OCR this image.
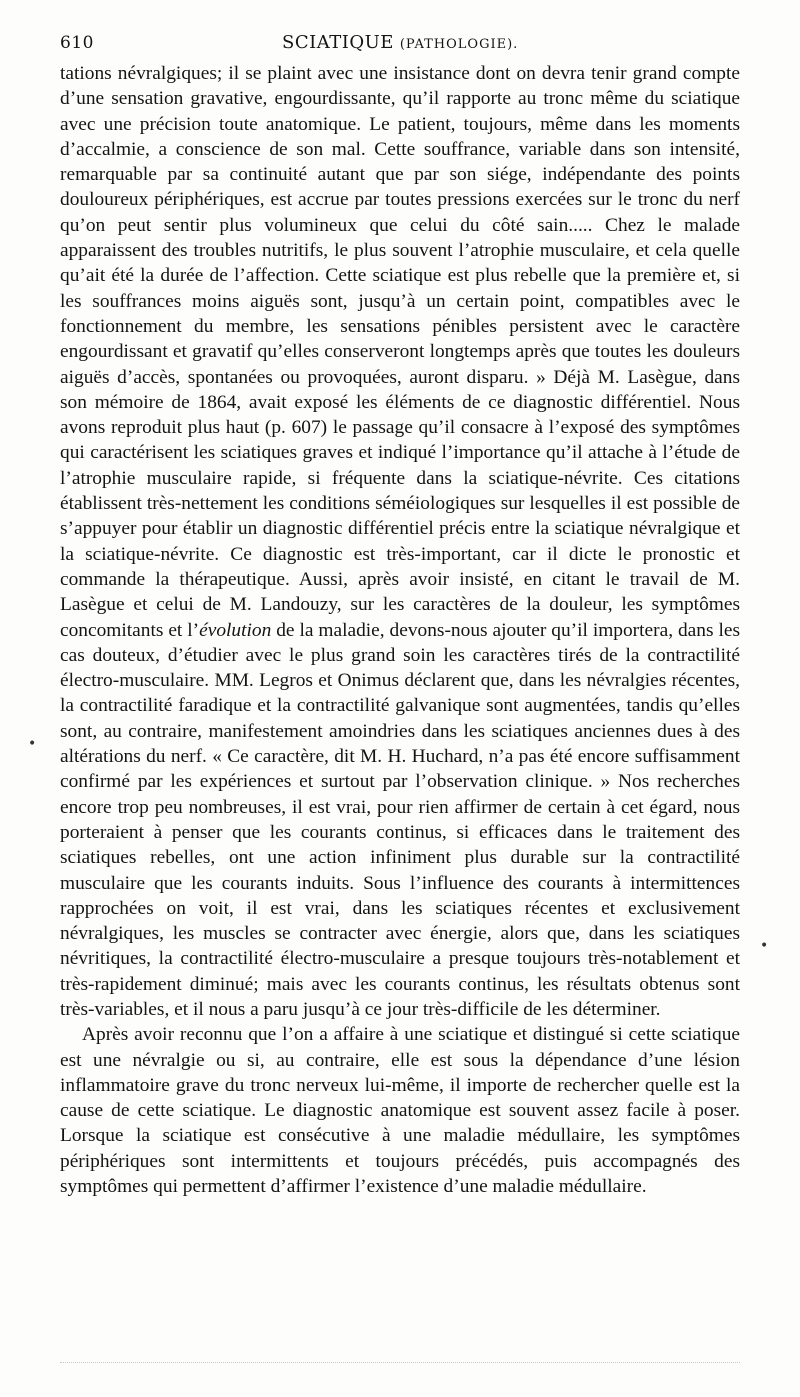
610	SCIATIQUE (PATHOLOGIE).

tations névralgiques; il se plaint avec une insistance dont on devra tenir grand compte d’une sensation gravative, engourdissante, qu’il rapporte au tronc même du sciatique avec une précision toute anatomique. Le patient, toujours, même dans les moments d’accalmie, a conscience de son mal. Cette souffrance, variable dans son intensité, remarquable par sa continuité autant que par son siége, indépendante des points douloureux périphériques, est accrue par toutes pressions exercées sur le tronc du nerf qu’on peut sentir plus volumineux que celui du côté sain..... Chez le malade apparaissent des troubles nutritifs, le plus souvent l’atrophie musculaire, et cela quelle qu’ait été la durée de l’affection. Cette sciatique est plus rebelle que la première et, si les souffrances moins aiguës sont, jusqu’à un certain point, compatibles avec le fonctionnement du membre, les sensations pénibles persistent avec le caractère engourdissant et gravatif qu’elles conserveront longtemps après que toutes les douleurs aiguës d’accès, spontanées ou provoquées, auront disparu. » Déjà M. Lasègue, dans son mémoire de 1864, avait exposé les éléments de ce diagnostic différentiel. Nous avons reproduit plus haut (p. 607) le passage qu’il consacre à l’exposé des symptômes qui caractérisent les sciatiques graves et indiqué l’importance qu’il attache à l’étude de l’atrophie musculaire rapide, si fréquente dans la sciatique-névrite. Ces citations établissent très-nettement les conditions séméiologiques sur lesquelles il est possible de s’appuyer pour établir un diagnostic différentiel précis entre la sciatique névralgique et la sciatique-névrite. Ce diagnostic est très-important, car il dicte le pronostic et commande la thérapeutique. Aussi, après avoir insisté, en citant le travail de M. Lasègue et celui de M. Landouzy, sur les caractères de la douleur, les symptômes concomitants et l’évolution de la maladie, devons-nous ajouter qu’il importera, dans les cas douteux, d’étudier avec le plus grand soin les caractères tirés de la contractilité électro-musculaire. MM. Legros et Onimus déclarent que, dans les névralgies récentes, la contractilité faradique et la contractilité galvanique sont augmentées, tandis qu’elles sont, au contraire, manifestement amoindries dans les sciatiques anciennes dues à des altérations du nerf. « Ce caractère, dit M. H. Huchard, n’a pas été encore suffisamment confirmé par les expériences et surtout par l’observation clinique. » Nos recherches encore trop peu nombreuses, il est vrai, pour rien affirmer de certain à cet égard, nous porteraient à penser que les courants continus, si efficaces dans le traitement des sciatiques rebelles, ont une action infiniment plus durable sur la contractilité musculaire que les courants induits. Sous l’influence des courants à intermittences rapprochées on voit, il est vrai, dans les sciatiques récentes et exclusivement névralgiques, les muscles se contracter avec énergie, alors que, dans les sciatiques névritiques, la contractilité électro-musculaire a presque toujours très-notablement et très-rapidement diminué; mais avec les courants continus, les résultats obtenus sont très-variables, et il nous a paru jusqu’à ce jour très-difficile de les déterminer.

Après avoir reconnu que l’on a affaire à une sciatique et distingué si cette sciatique est une névralgie ou si, au contraire, elle est sous la dépendance d’une lésion inflammatoire grave du tronc nerveux lui-même, il importe de rechercher quelle est la cause de cette sciatique. Le diagnostic anatomique est souvent assez facile à poser. Lorsque la sciatique est consécutive à une maladie médullaire, les symptômes périphériques sont intermittents et toujours précédés, puis accompagnés des symptômes qui permettent d’affirmer l’existence d’une maladie médullaire.

•
•
